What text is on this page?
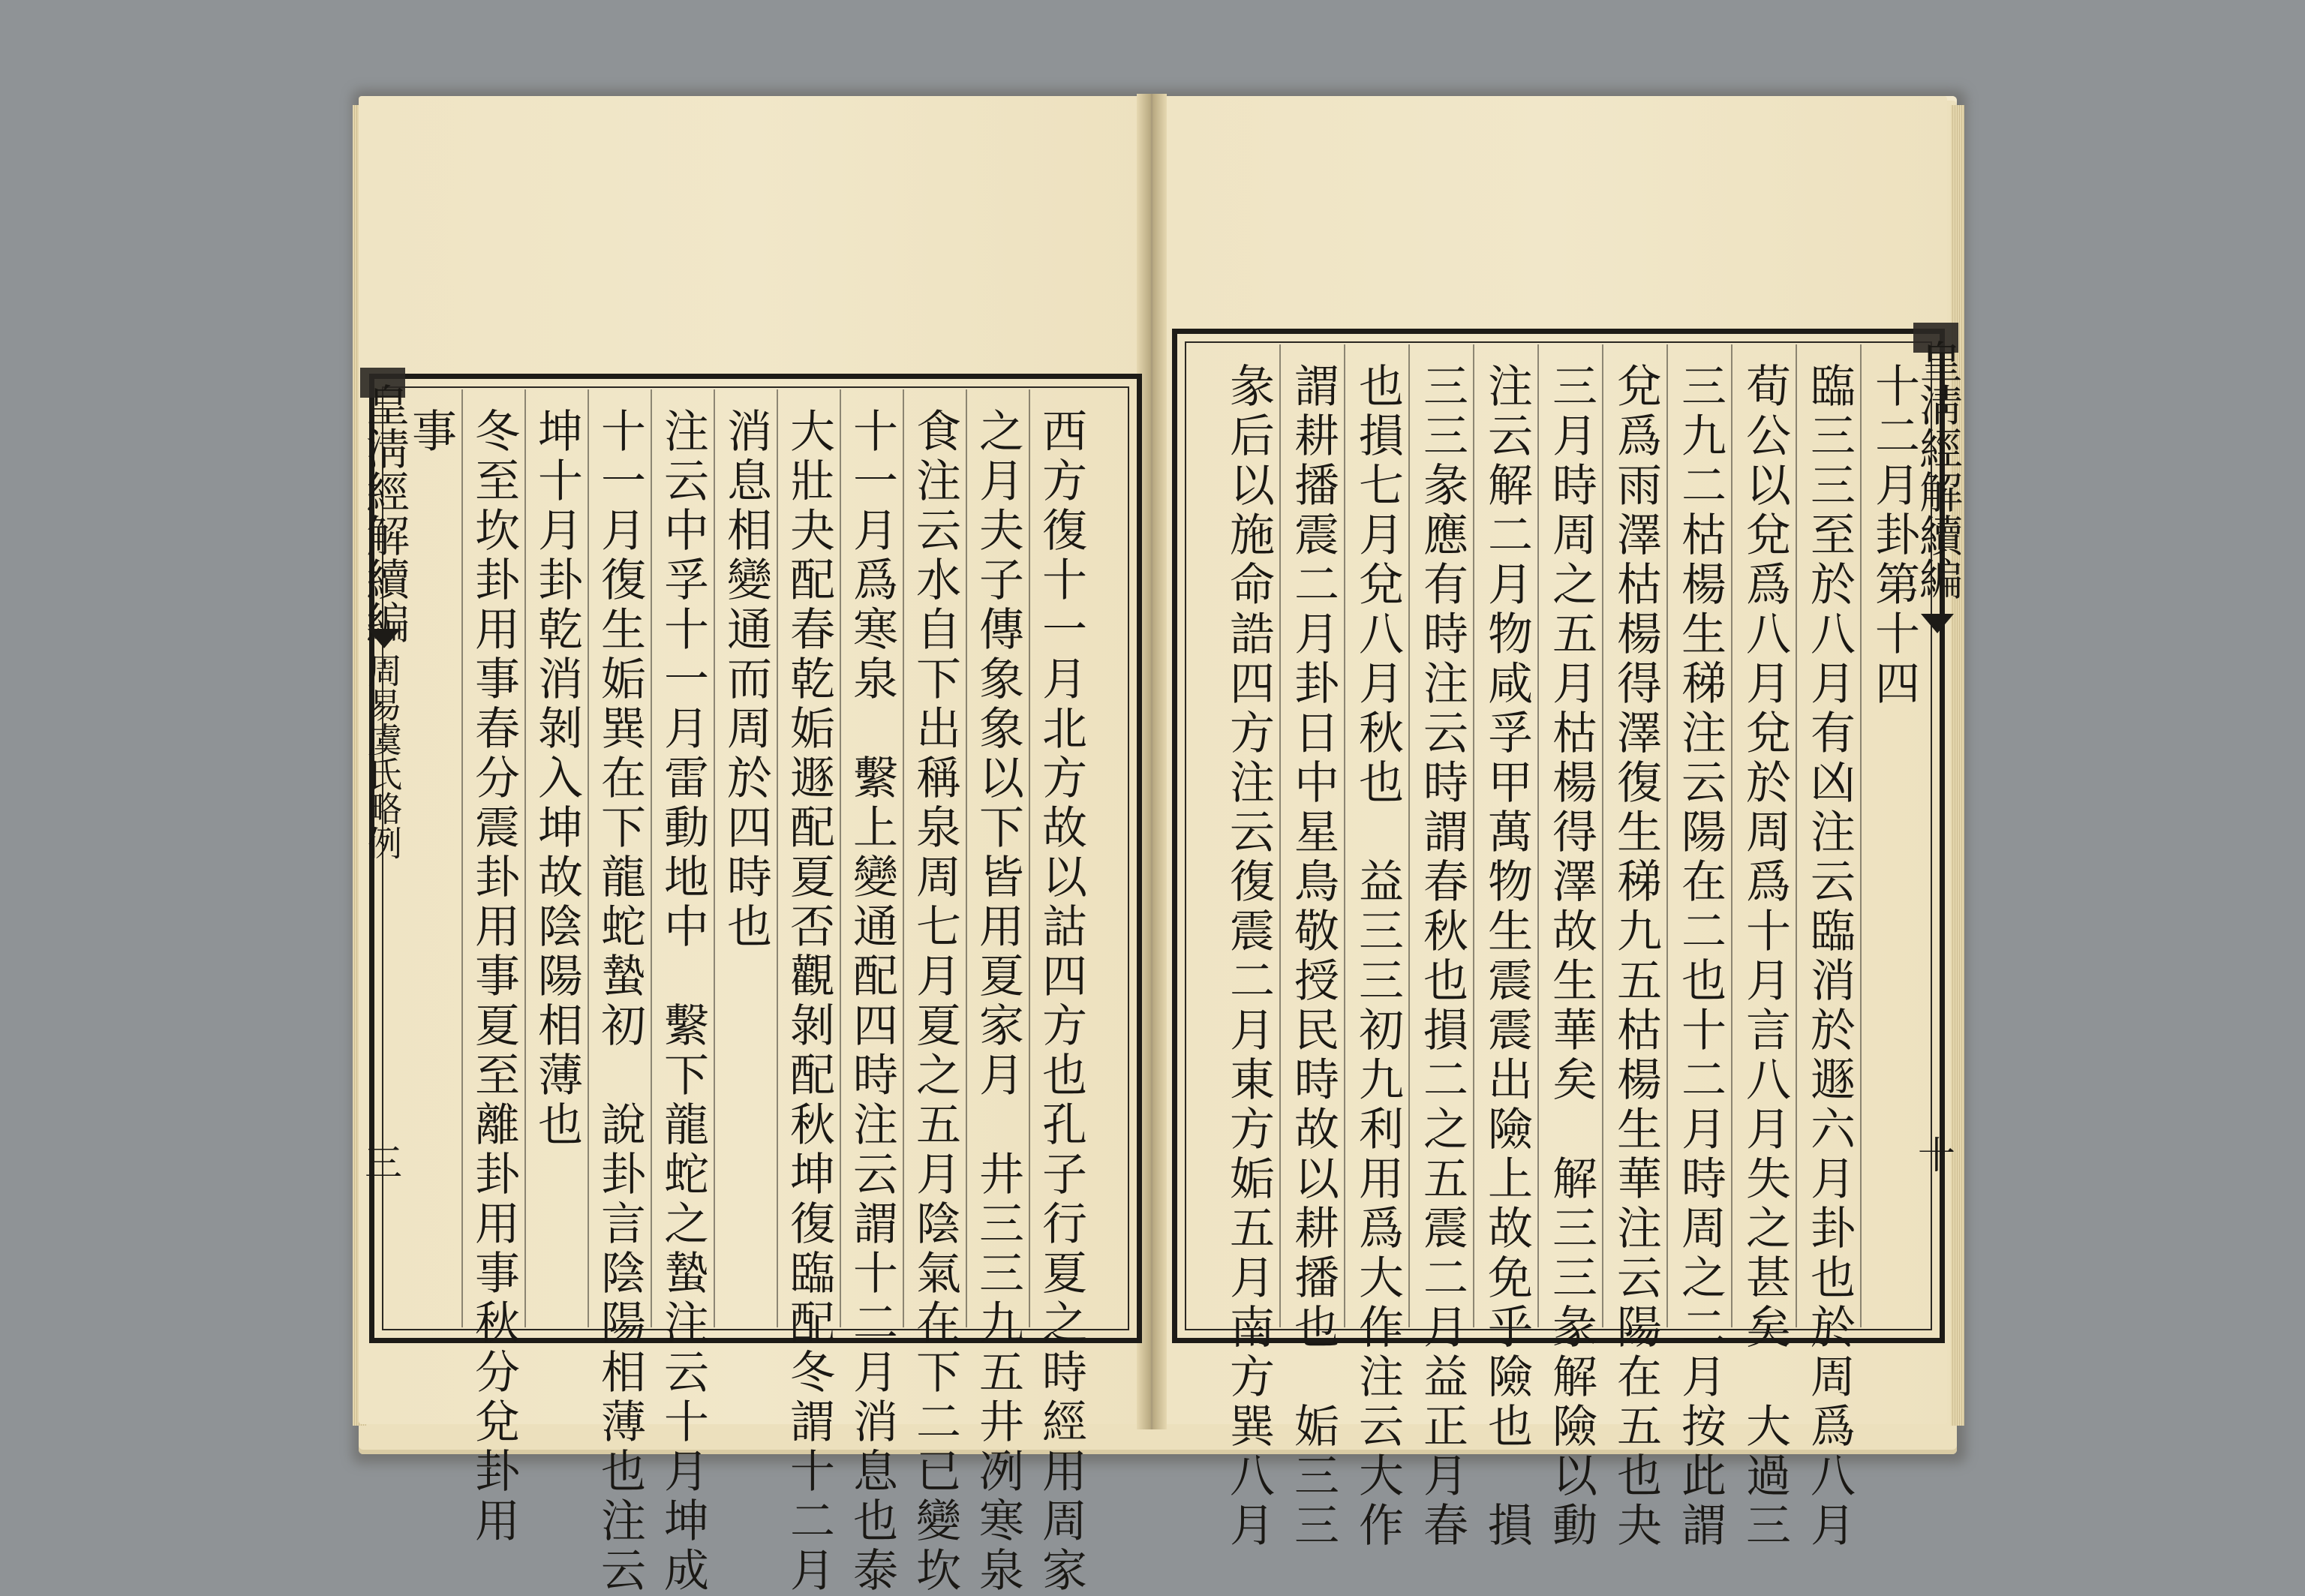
西方復十一月北方故以詁四方也孔子行夏之時經用周家
之月夫子傳象象以下皆用夏家月　井三三九五井冽寒泉
食注云水自下出稱泉周七月夏之五月陰氣在下二已變坎
十一月爲寒泉　繫上變通配四時注云謂十二月消息也泰
大壯夬配春乾姤遯配夏否觀剝配秋坤復臨配冬謂十二月
消息相變通而周於四時也
注云中孚十一月雷動地中　繫下龍蛇之蟄注云十月坤成
十一月復生姤巽在下龍蛇蟄初　說卦言陰陽相薄也注云
坤十月卦乾消剝入坤故陰陽相薄也
冬至坎卦用事春分震卦用事夏至離卦用事秋分兌卦用
事	十二月卦第十四
臨三三至於八月有凶注云臨消於遯六月卦也於周爲八月
荀公以兌爲八月兌於周爲十月言八月失之甚矣　大過三
三九二枯楊生稊注云陽在二也十二月時周之二月按此謂
兌爲雨澤枯楊得澤復生稊九五枯楊生華注云陽在五也夬
三月時周之五月枯楊得澤故生華矣　解三三彖解險以動
注云解二月物咸孚甲萬物生震震出險上故免乎險也　損
三三彖應有時注云時謂春秋也損二之五震二月益正月春
也損七月兌八月秋也　益三三初九利用爲大作注云大作
謂耕播震二月卦日中星鳥敬授民時故以耕播也　姤三三
彖后以施命誥四方注云復震二月東方姤五月南方巽八月
皇淸經解續編
周易虞氏略例
三
皇淸經解續編
十
